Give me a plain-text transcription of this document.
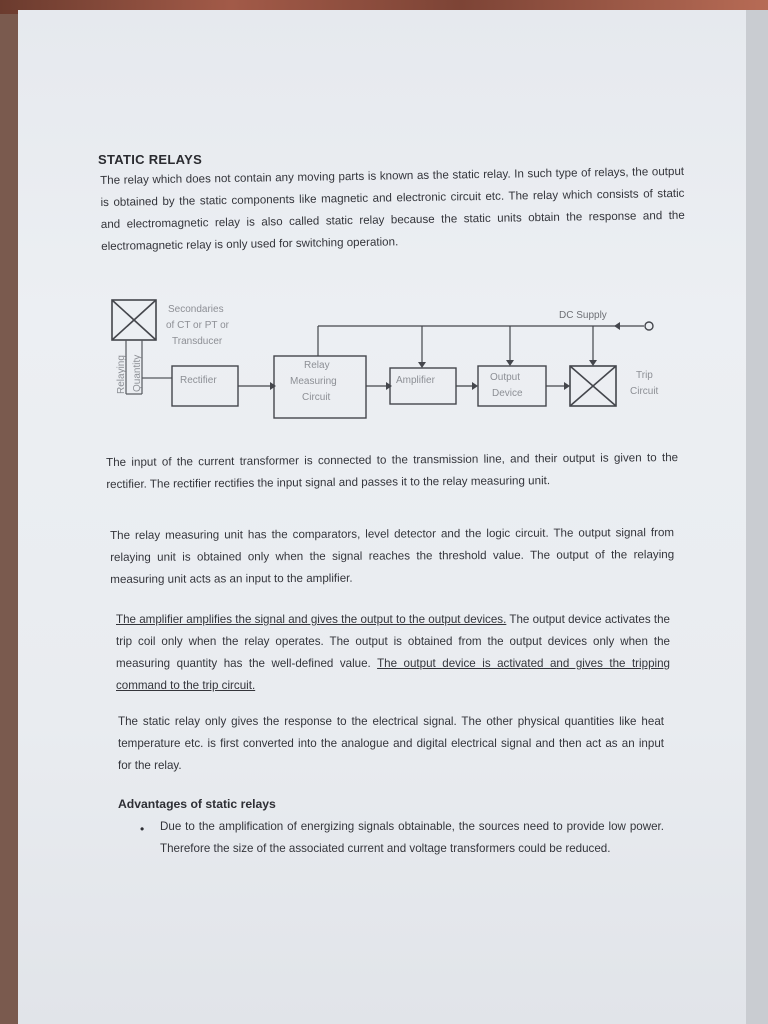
STATIC RELAYS

The relay which does not contain any moving parts is known as the static relay. In such type of relays, the output is obtained by the static components like magnetic and electronic circuit etc. The relay which consists of static and electromagnetic relay is also called static relay because the static units obtain the response and the electromagnetic relay is only used for switching operation.

Secondaries
of CT or PT or
Transducer
Relaying Quantity	Rectifier
Relay
Measuring
Circuit
Amplifier	Output
Device
Trip
Circuit
DC Supply

The input of the current transformer is connected to the transmission line, and their output is given to the rectifier. The rectifier rectifies the input signal and passes it to the relay measuring unit.

The relay measuring unit has the comparators, level detector and the logic circuit. The output signal from relaying unit is obtained only when the signal reaches the threshold value. The output of the relaying measuring unit acts as an input to the amplifier.

The amplifier amplifies the signal and gives the output to the output devices. The output device activates the trip coil only when the relay operates. The output is obtained from the output devices only when the measuring quantity has the well-defined value. The output device is activated and gives the tripping command to the trip circuit.

The static relay only gives the response to the electrical signal. The other physical quantities like heat temperature etc. is first converted into the analogue and digital electrical signal and then act as an input for the relay.

Advantages of static relays
• Due to the amplification of energizing signals obtainable, the sources need to provide low power. Therefore the size of the associated current and voltage transformers could be reduced.
